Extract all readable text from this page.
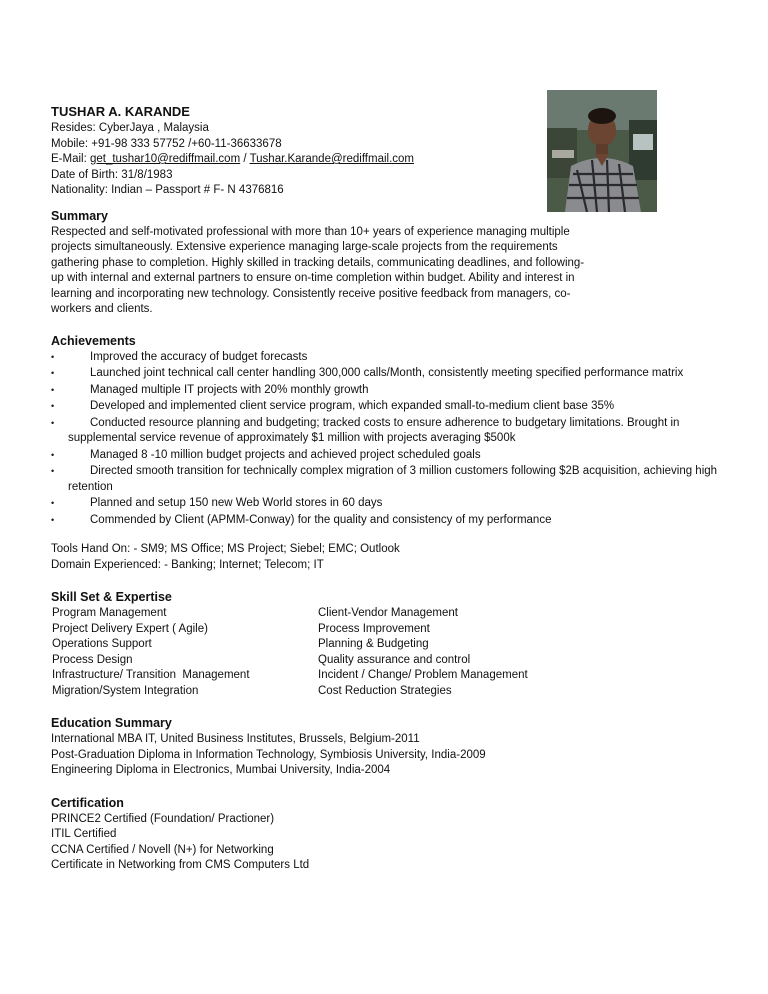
TUSHAR A. KARANDE
Resides: CyberJaya , Malaysia
Mobile: +91-98 333 57752 /+60-11-36633678
E-Mail: get_tushar10@rediffmail.com / Tushar.Karande@rediffmail.com
Date of Birth: 31/8/1983
Nationality: Indian – Passport # F- N 4376816
Summary
Respected and self-motivated professional with more than 10+ years of experience managing multiple projects simultaneously. Extensive experience managing large-scale projects from the requirements gathering phase to completion. Highly skilled in tracking details, communicating deadlines, and following-up with internal and external partners to ensure on-time completion within budget. Ability and interest in learning and incorporating new technology. Consistently receive positive feedback from managers, co-workers and clients.
Achievements
•	Improved the accuracy of budget forecasts
•	Launched joint technical call center handling 300,000 calls/Month, consistently meeting specified performance matrix
•	Managed multiple IT projects with 20% monthly growth
•	Developed and implemented client service program, which expanded small-to-medium client base 35%
•	Conducted resource planning and budgeting; tracked costs to ensure adherence to budgetary limitations. Brought in supplemental service revenue of approximately $1 million with projects averaging $500k
•	Managed 8 -10 million budget projects and achieved project scheduled goals
•	Directed smooth transition for technically complex migration of 3 million customers following $2B acquisition, achieving high retention
•	Planned and setup 150 new Web World stores in 60 days
•	Commended by Client (APMM-Conway) for the quality and consistency of my performance
Tools Hand On: - SM9; MS Office; MS Project; Siebel; EMC; Outlook
Domain Experienced: - Banking; Internet; Telecom; IT
Skill Set & Expertise
Program Management	Client-Vendor Management
Project Delivery Expert ( Agile)	Process Improvement
Operations Support	Planning & Budgeting
Process Design	Quality assurance and control
Infrastructure/ Transition  Management	Incident / Change/ Problem Management
Migration/System Integration	Cost Reduction Strategies
Education Summary
International MBA IT, United Business Institutes, Brussels, Belgium-2011
Post-Graduation Diploma in Information Technology, Symbiosis University, India-2009
Engineering Diploma in Electronics, Mumbai University, India-2004
Certification
PRINCE2 Certified (Foundation/ Practioner)
ITIL Certified
CCNA Certified / Novell (N+) for Networking
Certificate in Networking from CMS Computers Ltd
